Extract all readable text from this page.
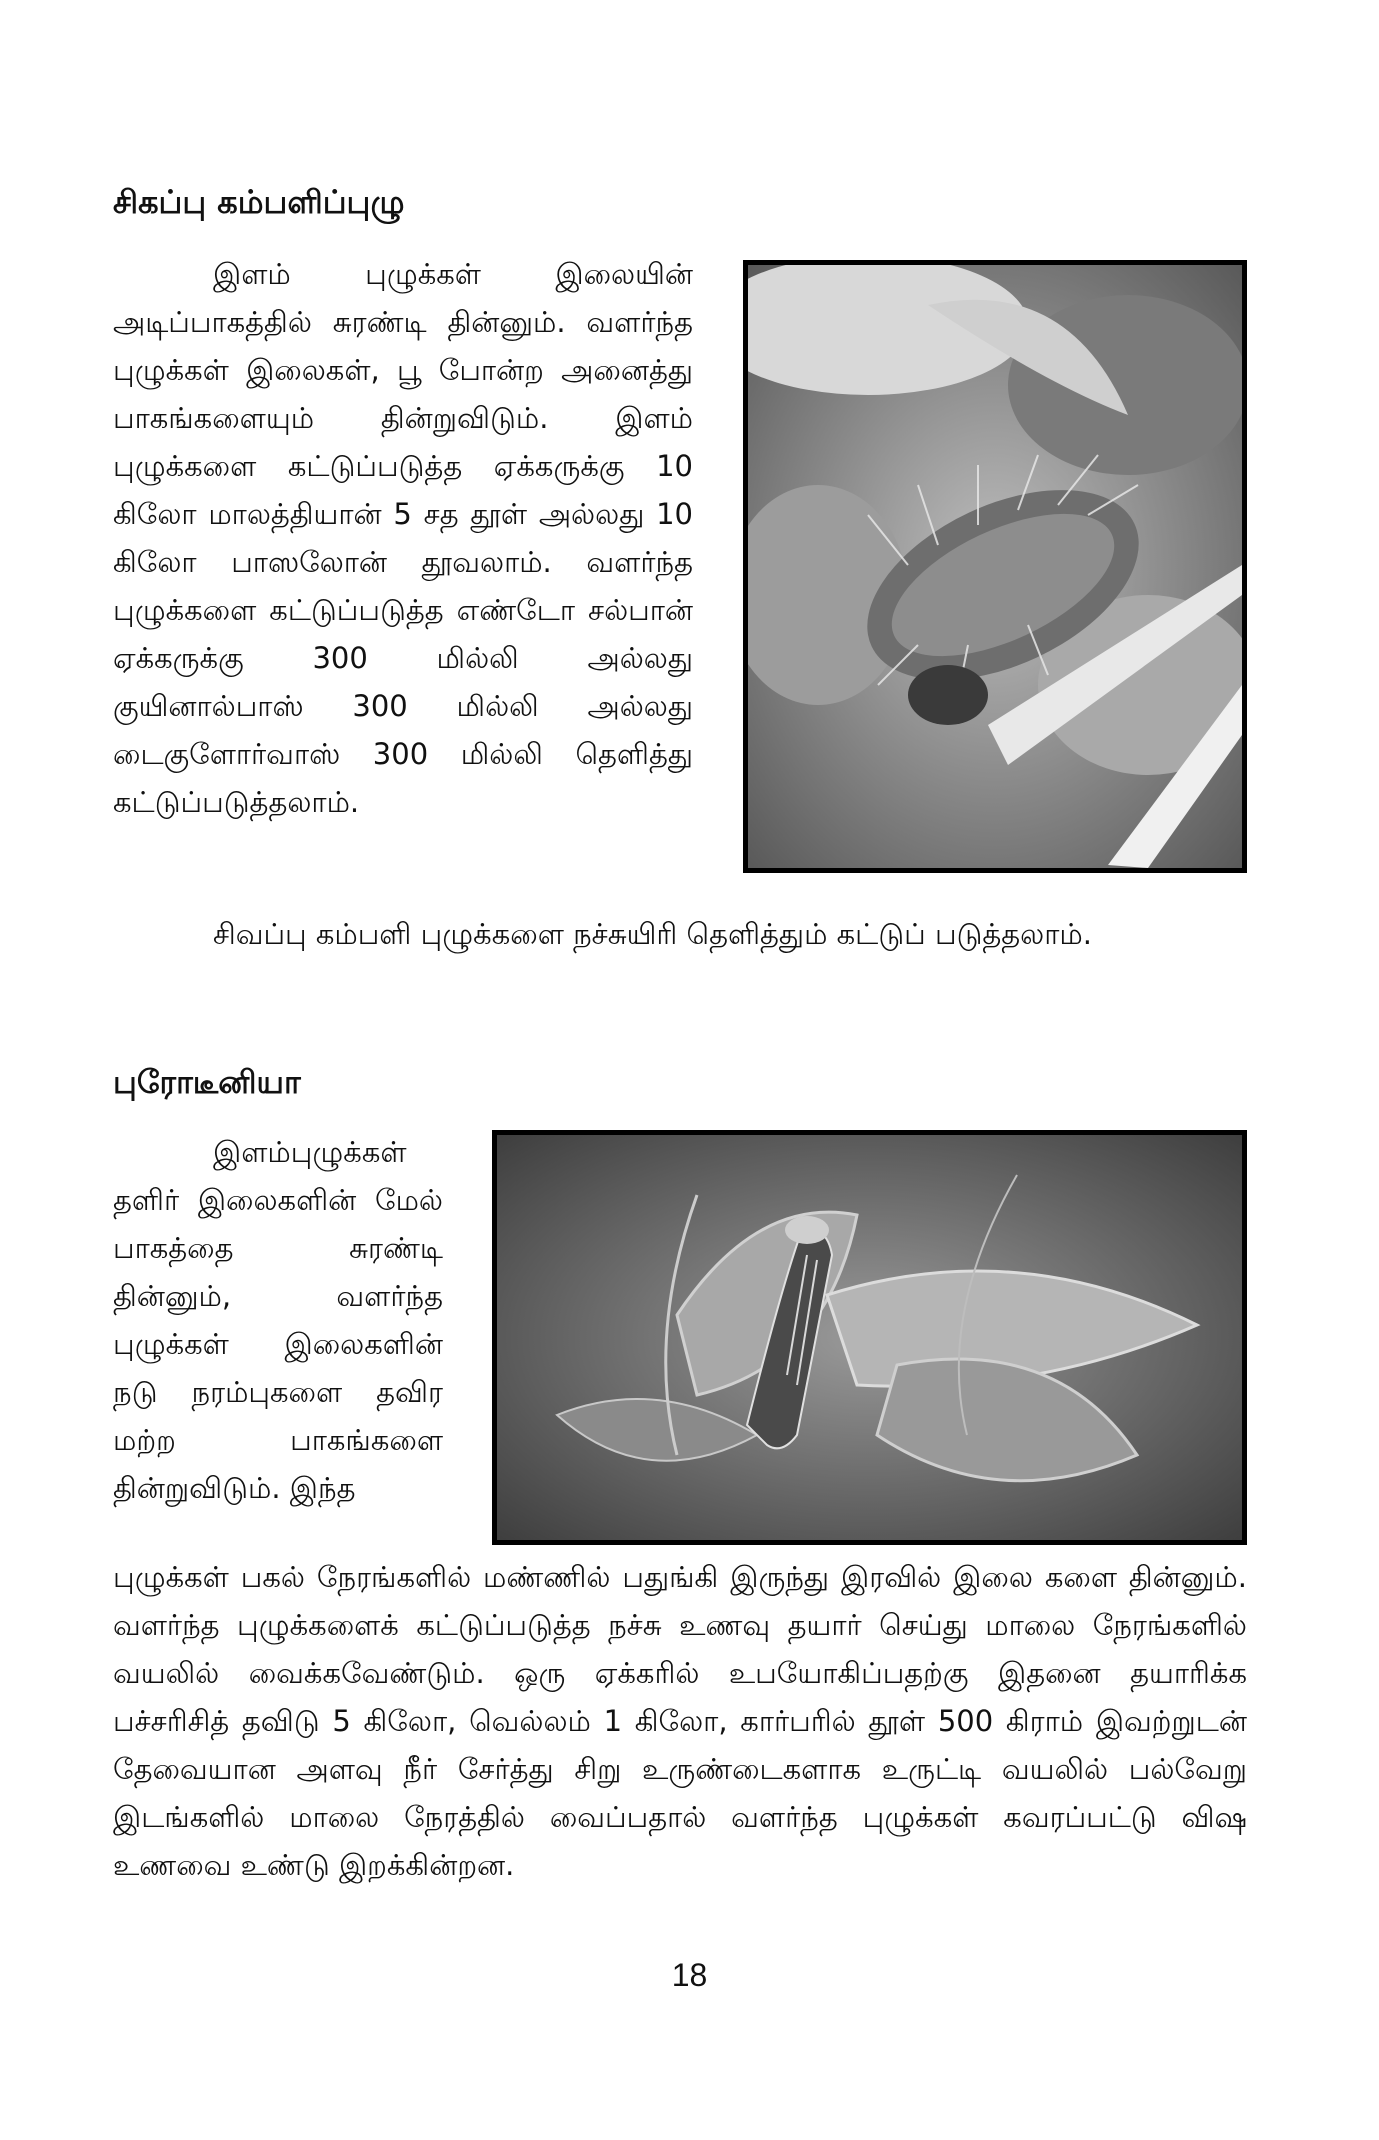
சிகப்பு கம்பளிப்புழு

இளம் புழுக்கள் இலையின் அடிப்பாகத்தில் சுரண்டி தின்னும். வளர்ந்த புழுக்கள் இலைகள், பூ போன்ற அனைத்து பாகங்களையும் தின்றுவிடும். இளம் புழுக்களை கட்டுப்படுத்த ஏக்கருக்கு 10 கிலோ மாலத்தியான் 5 சத தூள் அல்லது 10 கிலோ பாஸலோன் தூவலாம். வளர்ந்த புழுக்களை கட்டுப்படுத்த எண்டோ சல்பான் ஏக்கருக்கு 300 மில்லி அல்லது குயினால்பாஸ் 300 மில்லி அல்லது டைகுளோர்வாஸ் 300 மில்லி தெளித்து கட்டுப்படுத்தலாம்.

சிவப்பு கம்பளி புழுக்களை நச்சுயிரி தெளித்தும் கட்டுப் படுத்தலாம்.

புரோடீனியா

இளம்புழுக்கள் தளிர் இலைகளின் மேல் பாகத்தை சுரண்டி தின்னும், வளர்ந்த புழுக்கள் இலைகளின் நடு நரம்புகளை தவிர மற்ற பாகங்களை தின்றுவிடும். இந்த

புழுக்கள் பகல் நேரங்களில் மண்ணில் பதுங்கி இருந்து இரவில் இலை களை தின்னும். வளர்ந்த புழுக்களைக் கட்டுப்படுத்த நச்சு உணவு தயார் செய்து மாலை நேரங்களில் வயலில் வைக்கவேண்டும். ஒரு ஏக்கரில் உபயோகிப்பதற்கு இதனை தயாரிக்க பச்சரிசித் தவிடு 5 கிலோ, வெல்லம் 1 கிலோ, கார்பரில் தூள் 500 கிராம் இவற்றுடன் தேவையான அளவு நீர் சேர்த்து சிறு உருண்டைகளாக உருட்டி வயலில் பல்வேறு இடங்களில் மாலை நேரத்தில் வைப்பதால் வளர்ந்த புழுக்கள் கவரப்பட்டு விஷ உணவை உண்டு இறக்கின்றன.

18
